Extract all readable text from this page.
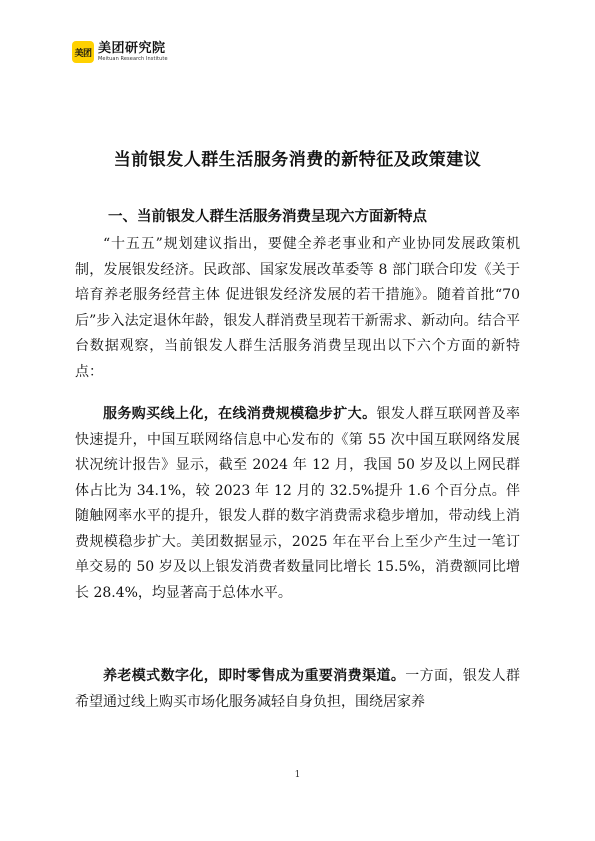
美团 美团研究院
Meituan Research Institute
当前银发人群生活服务消费的新特征及政策建议
一、当前银发人群生活服务消费呈现六方面新特点

“十五五”规划建议指出，要健全养老事业和产业协同发展政策机制，发展银发经济。民政部、国家发展改革委等 8 部门联合印发《关于培育养老服务经营主体 促进银发经济发展的若干措施》。随着首批“70 后”步入法定退休年龄，银发人群消费呈现若干新需求、新动向。结合平台数据观察，当前银发人群生活服务消费呈现出以下六个方面的新特点：

服务购买线上化，在线消费规模稳步扩大。银发人群互联网普及率快速提升，中国互联网络信息中心发布的《第 55 次中国互联网络发展状况统计报告》显示，截至 2024 年 12 月，我国 50 岁及以上网民群体占比为 34.1%，较 2023 年 12 月的 32.5%提升 1.6 个百分点。伴随触网率水平的提升，银发人群的数字消费需求稳步增加，带动线上消费规模稳步扩大。美团数据显示，2025 年在平台上至少产生过一笔订单交易的 50 岁及以上银发消费者数量同比增长 15.5%，消费额同比增长 28.4%，均显著高于总体水平。

养老模式数字化，即时零售成为重要消费渠道。一方面，银发人群希望通过线上购买市场化服务减轻自身负担，围绕居家养

1
